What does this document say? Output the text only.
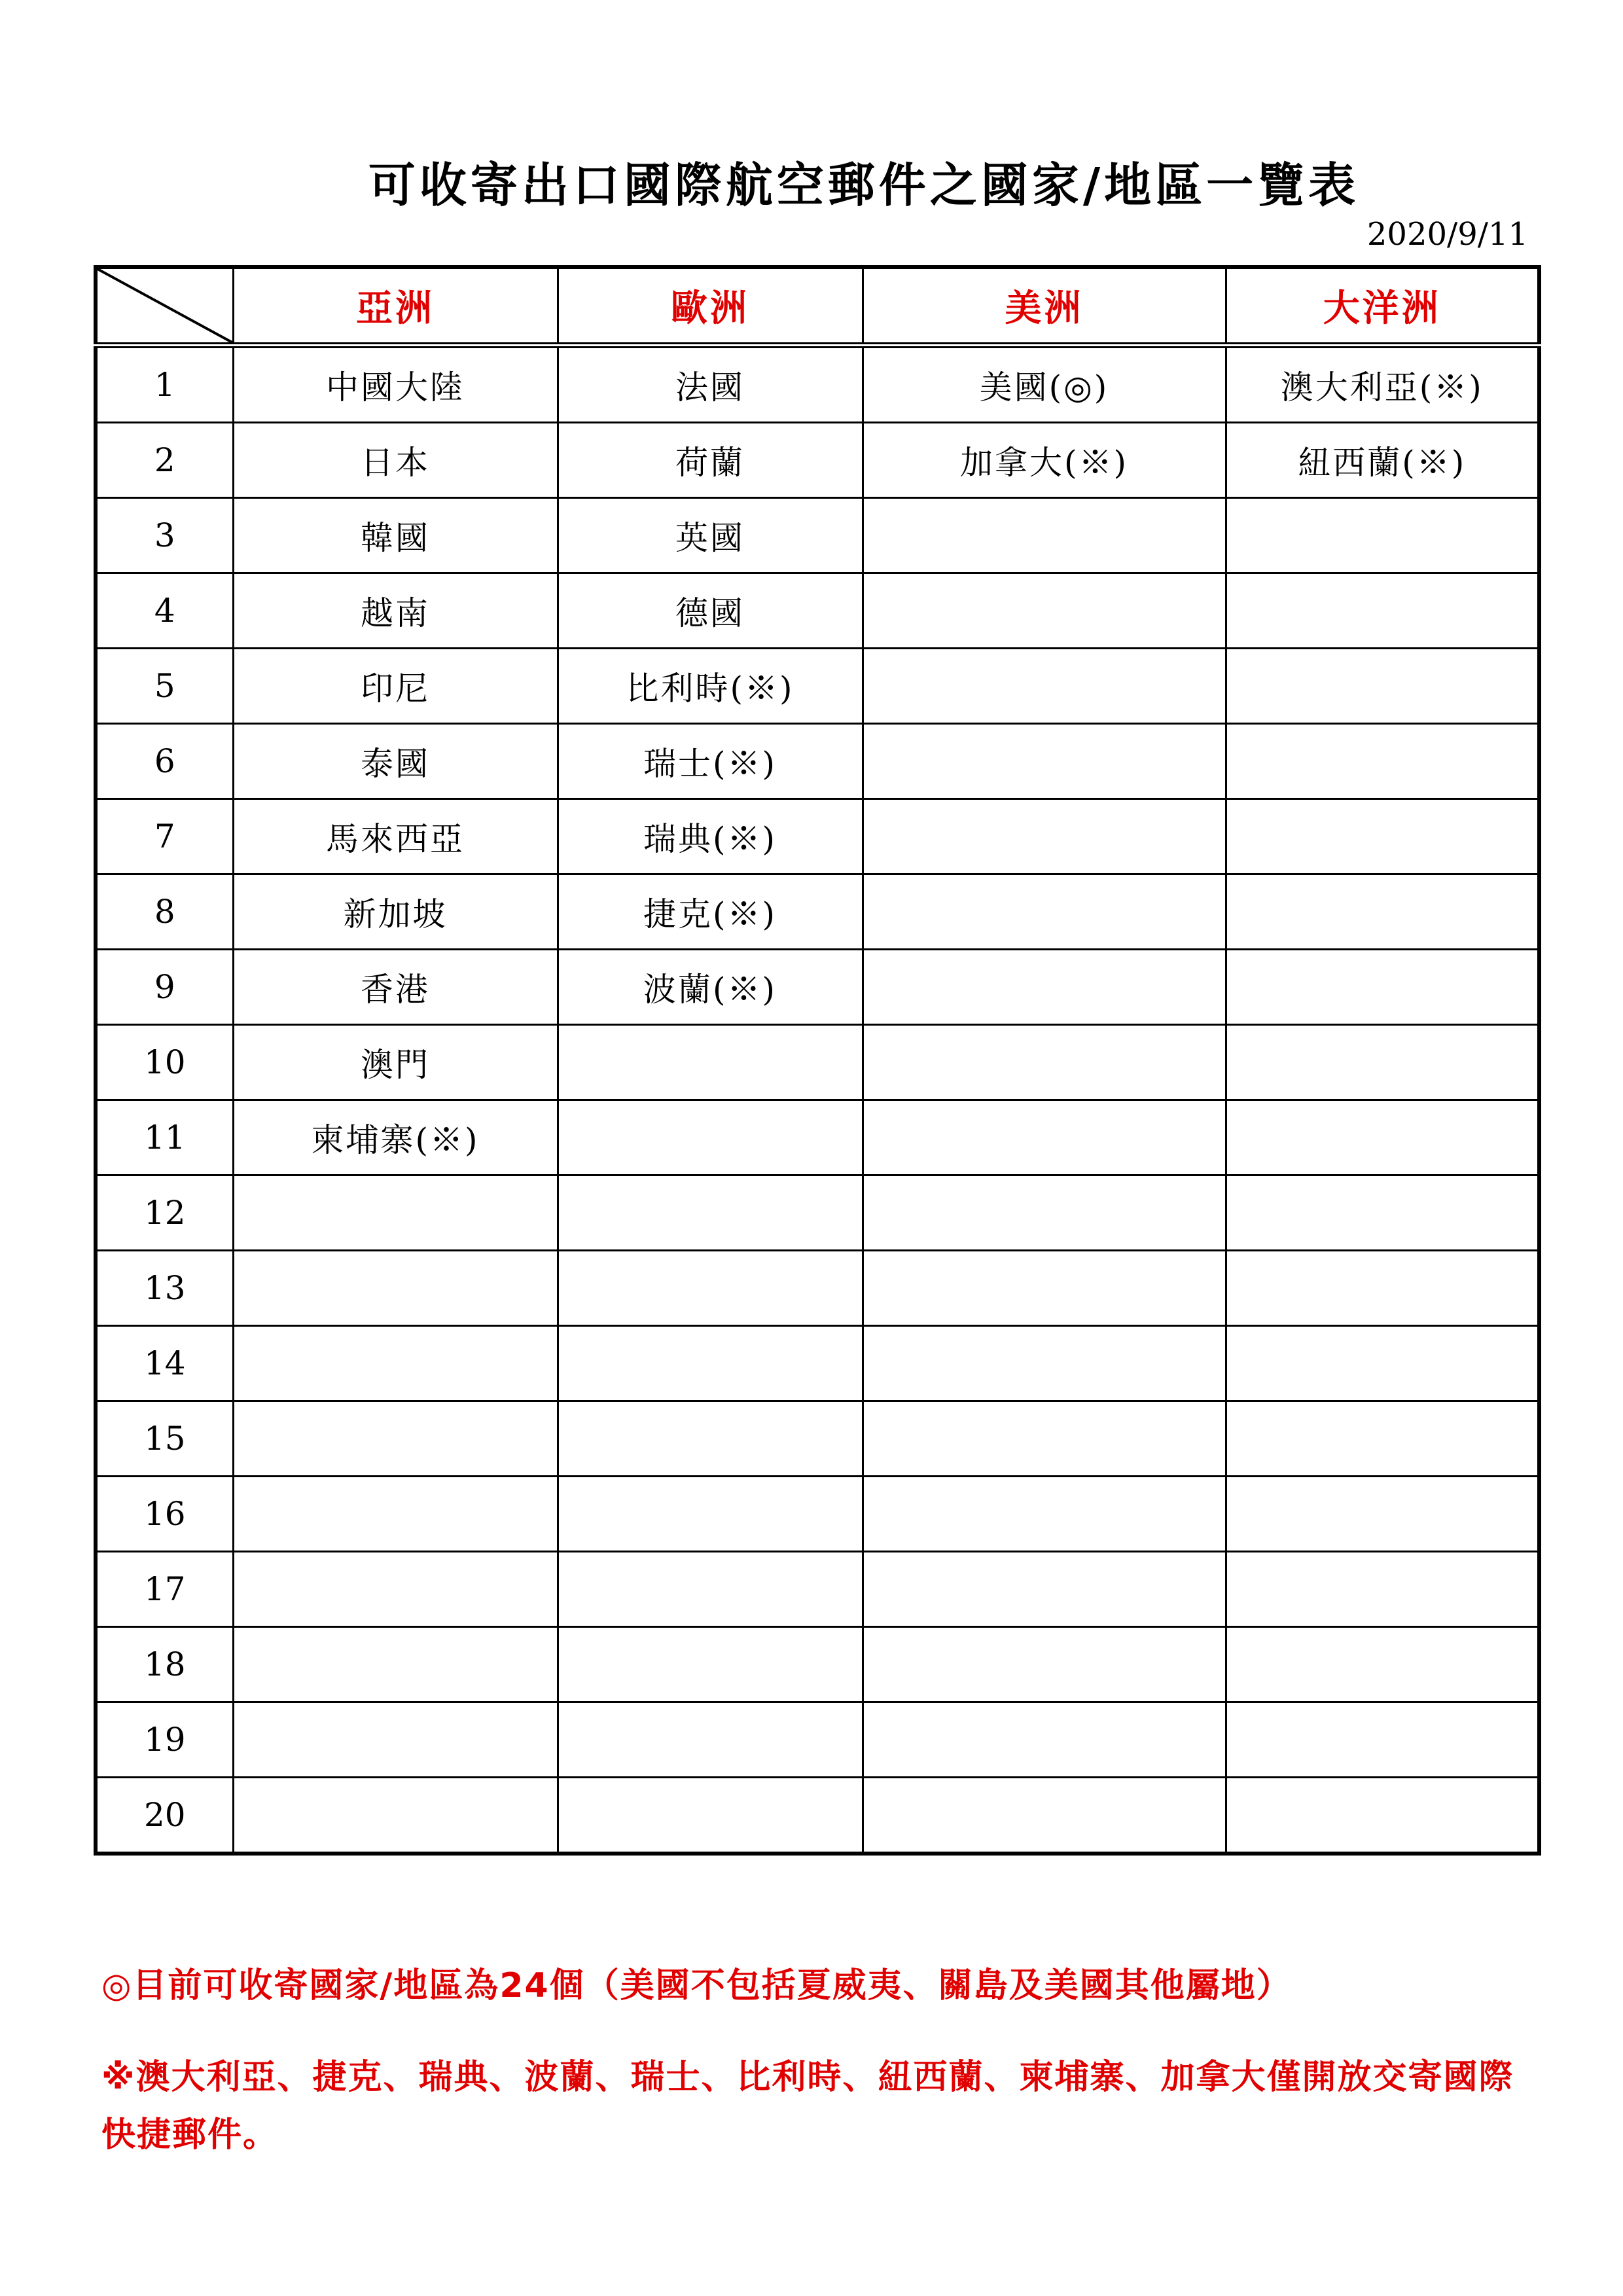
可收寄出口國際航空郵件之國家/地區一覽表
2020/9/11
	亞洲	歐洲	美洲	大洋洲
1	中國大陸	法國	美國(◎)	澳大利亞(※)
2	日本	荷蘭	加拿大(※)	紐西蘭(※)
3	韓國	英國		
4	越南	德國		
5	印尼	比利時(※)		
6	泰國	瑞士(※)		
7	馬來西亞	瑞典(※)		
8	新加坡	捷克(※)		
9	香港	波蘭(※)		
10	澳門			
11	柬埔寨(※)			
12				
13				
14				
15				
16				
17				
18				
19				
20				
◎目前可收寄國家/地區為24個（美國不包括夏威夷、關島及美國其他屬地）
※澳大利亞、捷克、瑞典、波蘭、瑞士、比利時、紐西蘭、柬埔寨、加拿大僅開放交寄國際快捷郵件。
